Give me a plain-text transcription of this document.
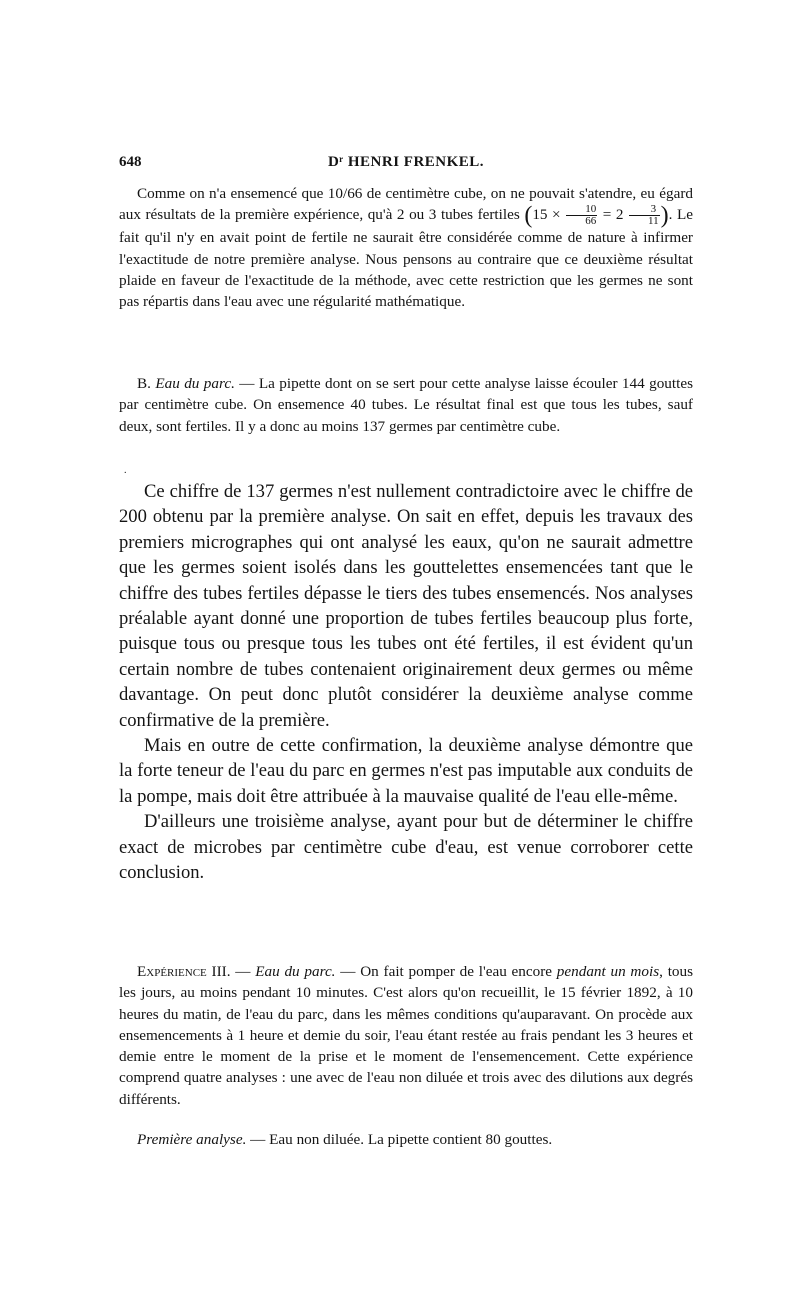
648	Dʳ HENRI FRENKEL.

Comme on n'a ensemencé que 10/66 de centimètre cube, on ne pouvait s'atendre, eu égard aux résultats de la première expérience, qu'à 2 ou 3 tubes fertiles ($15 \times \frac{10}{66} = 2 \frac{3}{11}$ ). Le fait qu'il n'y en avait point de fertile ne saurait être considérée comme de nature à infirmer l'exactitude de notre première analyse. Nous pensons au contraire que ce deuxième résultat plaide en faveur de l'exactitude de la méthode, avec cette restriction que les germes ne sont pas répartis dans l'eau avec une régularité mathématique.

B. Eau du parc. — La pipette dont on se sert pour cette analyse laisse écouler 144 gouttes par centimètre cube. On ensemence 40 tubes. Le résultat final est que tous les tubes, sauf deux, sont fertiles. Il y a donc au moins 137 germes par centimètre cube.

.

Ce chiffre de 137 germes n'est nullement contradictoire avec le chiffre de 200 obtenu par la première analyse. On sait en effet, depuis les travaux des premiers micrographes qui ont analysé les eaux, qu'on ne saurait admettre que les germes soient isolés dans les gouttelettes ensemencées tant que le chiffre des tubes fertiles dépasse le tiers des tubes ensemencés. Nos analyses préalable ayant donné une proportion de tubes fertiles beaucoup plus forte, puisque tous ou presque tous les tubes ont été fertiles, il est évident qu'un certain nombre de tubes contenaient originairement deux germes ou même davantage. On peut donc plutôt considérer la deuxième analyse comme confirmative de la première.

Mais en outre de cette confirmation, la deuxième analyse démontre que la forte teneur de l'eau du parc en germes n'est pas imputable aux conduits de la pompe, mais doit être attribuée à la mauvaise qualité de l'eau elle-même.

D'ailleurs une troisième analyse, ayant pour but de déterminer le chiffre exact de microbes par centimètre cube d'eau, est venue corroborer cette conclusion.

Expérience III. — Eau du parc. — On fait pomper de l'eau encore pendant un mois, tous les jours, au moins pendant 10 minutes. C'est alors qu'on recueillit, le 15 février 1892, à 10 heures du matin, de l'eau du parc, dans les mêmes conditions qu'auparavant. On procède aux ensemencements à 1 heure et demie du soir, l'eau étant restée au frais pendant les 3 heures et demie entre le moment de la prise et le moment de l'ensemencement. Cette expérience comprend quatre analyses : une avec de l'eau non diluée et trois avec des dilutions aux degrés différents.

Première analyse. — Eau non diluée. La pipette contient 80 gouttes.
